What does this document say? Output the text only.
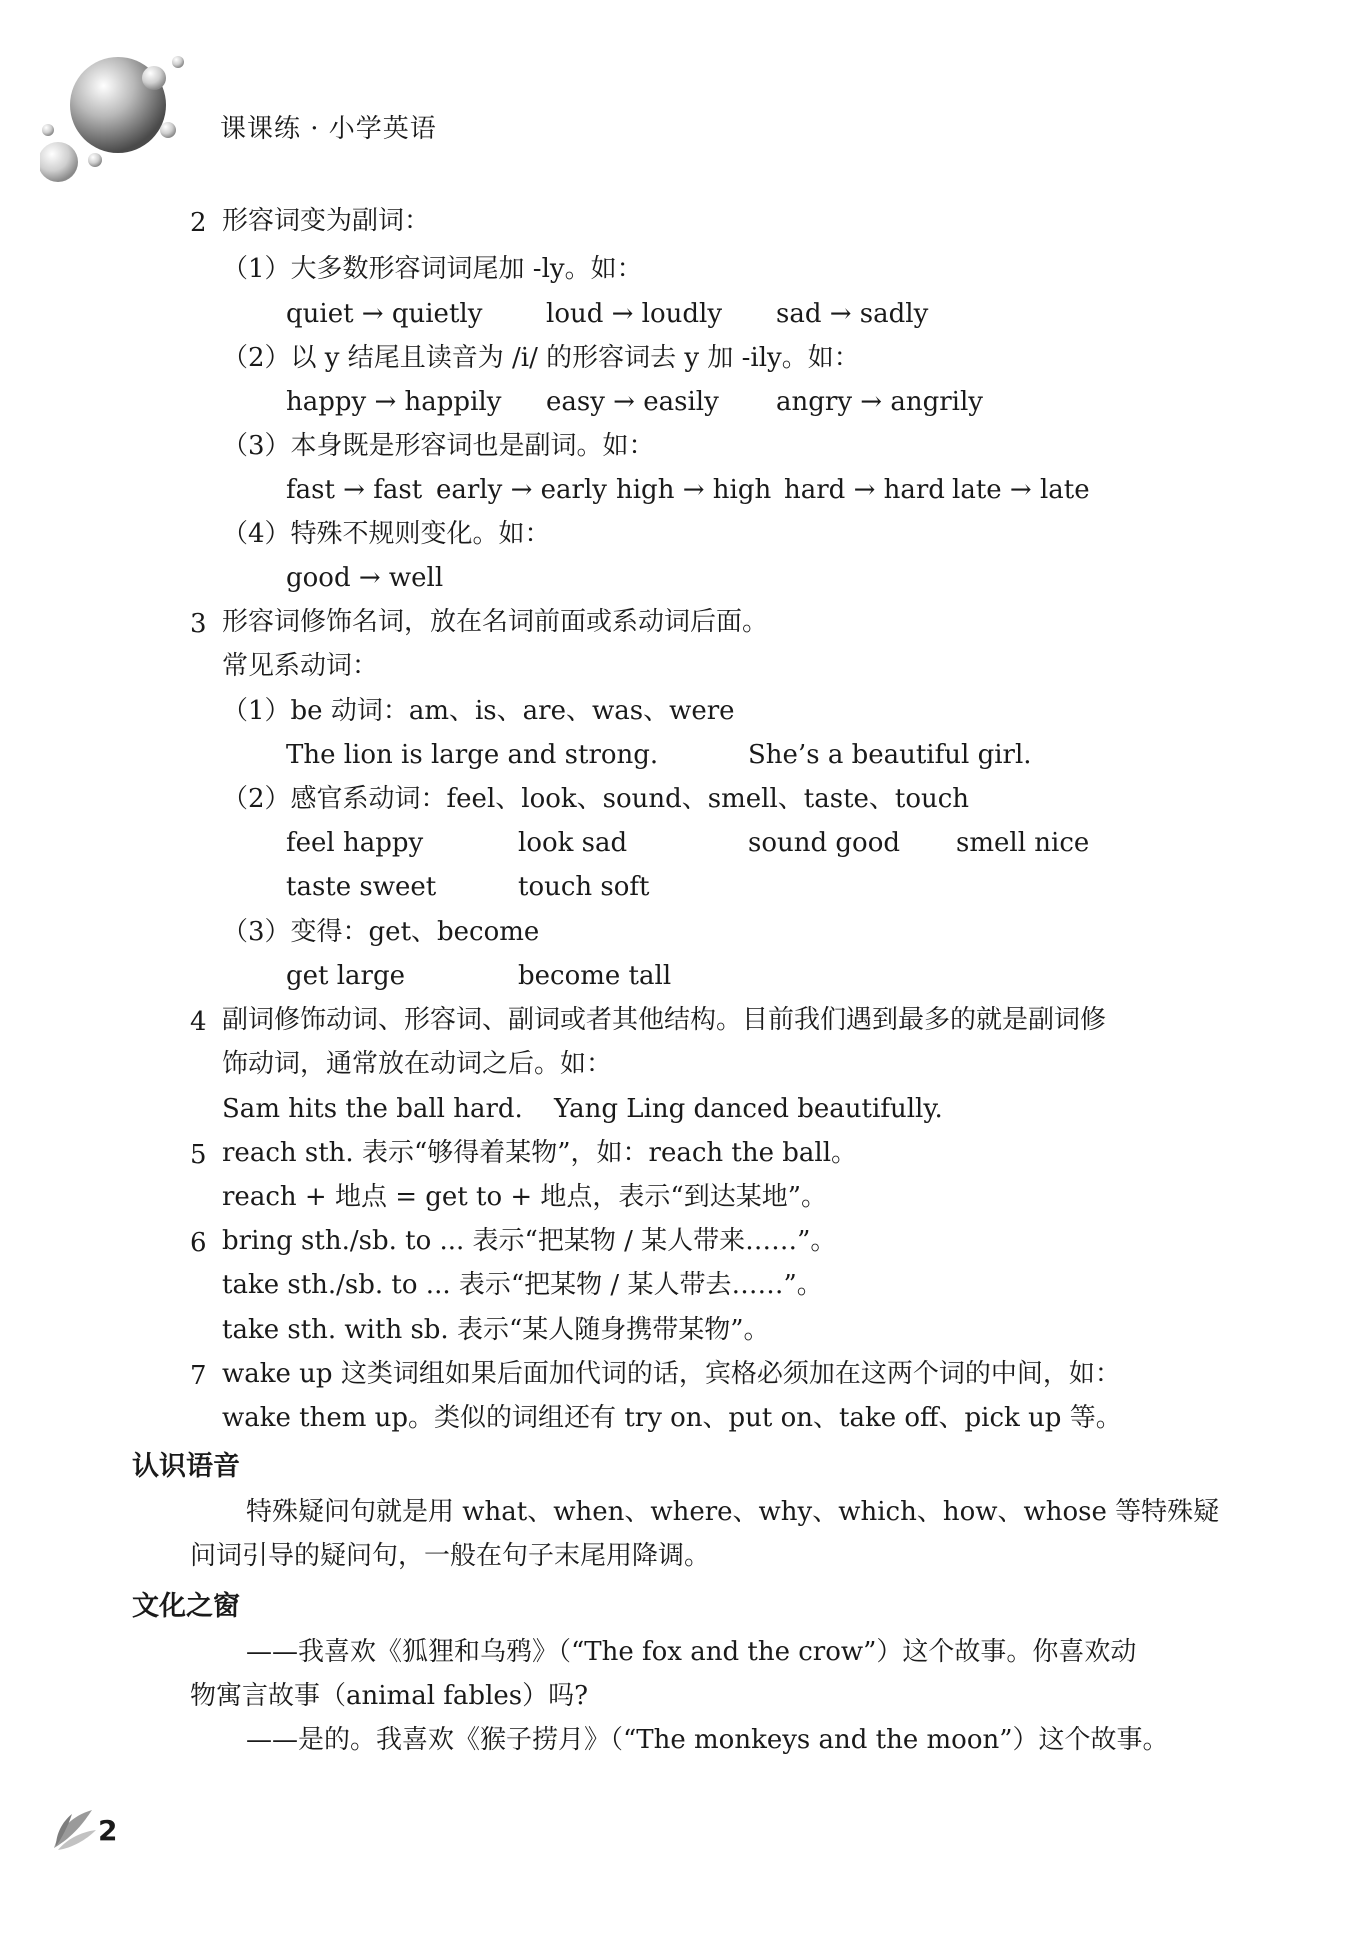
课课练 · 小学英语
2 形容词变为副词：
（1）大多数形容词词尾加 -ly。如：
quiet → quietly loud → loudly sad → sadly
（2）以 y 结尾且读音为 /i/ 的形容词去 y 加 -ily。如：
happy → happily easy → easily angry → angrily
（3）本身既是形容词也是副词。如：
fast → fast early → early high → high hard → hard late → late
（4）特殊不规则变化。如：
good → well
3 形容词修饰名词，放在名词前面或系动词后面。
常见系动词：
（1）be 动词：am、is、are、was、were
The lion is large and strong.	She’s a beautiful girl.
（2）感官系动词：feel、look、sound、smell、taste、touch
feel happy	look sad	sound good smell nice
taste sweet	touch soft
（3）变得：get、become
get large	become tall
4 副词修饰动词、形容词、副词或者其他结构。目前我们遇到最多的就是副词修
饰动词，通常放在动词之后。如：
Sam hits the ball hard. Yang Ling danced beautifully.
5 reach sth. 表示“够得着某物”，如：reach the ball。
reach + 地点 = get to + 地点，表示“到达某地”。
6 bring sth./sb. to ... 表示“把某物 / 某人带来……”。
take sth./sb. to ... 表示“把某物 / 某人带去……”。
take sth. with sb. 表示“某人随身携带某物”。
7 wake up 这类词组如果后面加代词的话，宾格必须加在这两个词的中间，如：
wake them up。类似的词组还有 try on、put on、take off、pick up 等。
认识语音
特殊疑问句就是用 what、when、where、why、which、how、whose 等特殊疑
问词引导的疑问句，一般在句子末尾用降调。
文化之窗
——我喜欢《狐狸和乌鸦》（“The fox and the crow”）这个故事。你喜欢动
物寓言故事（animal fables）吗?
——是的。我喜欢《猴子捞月》（“The monkeys and the moon”）这个故事。
2
